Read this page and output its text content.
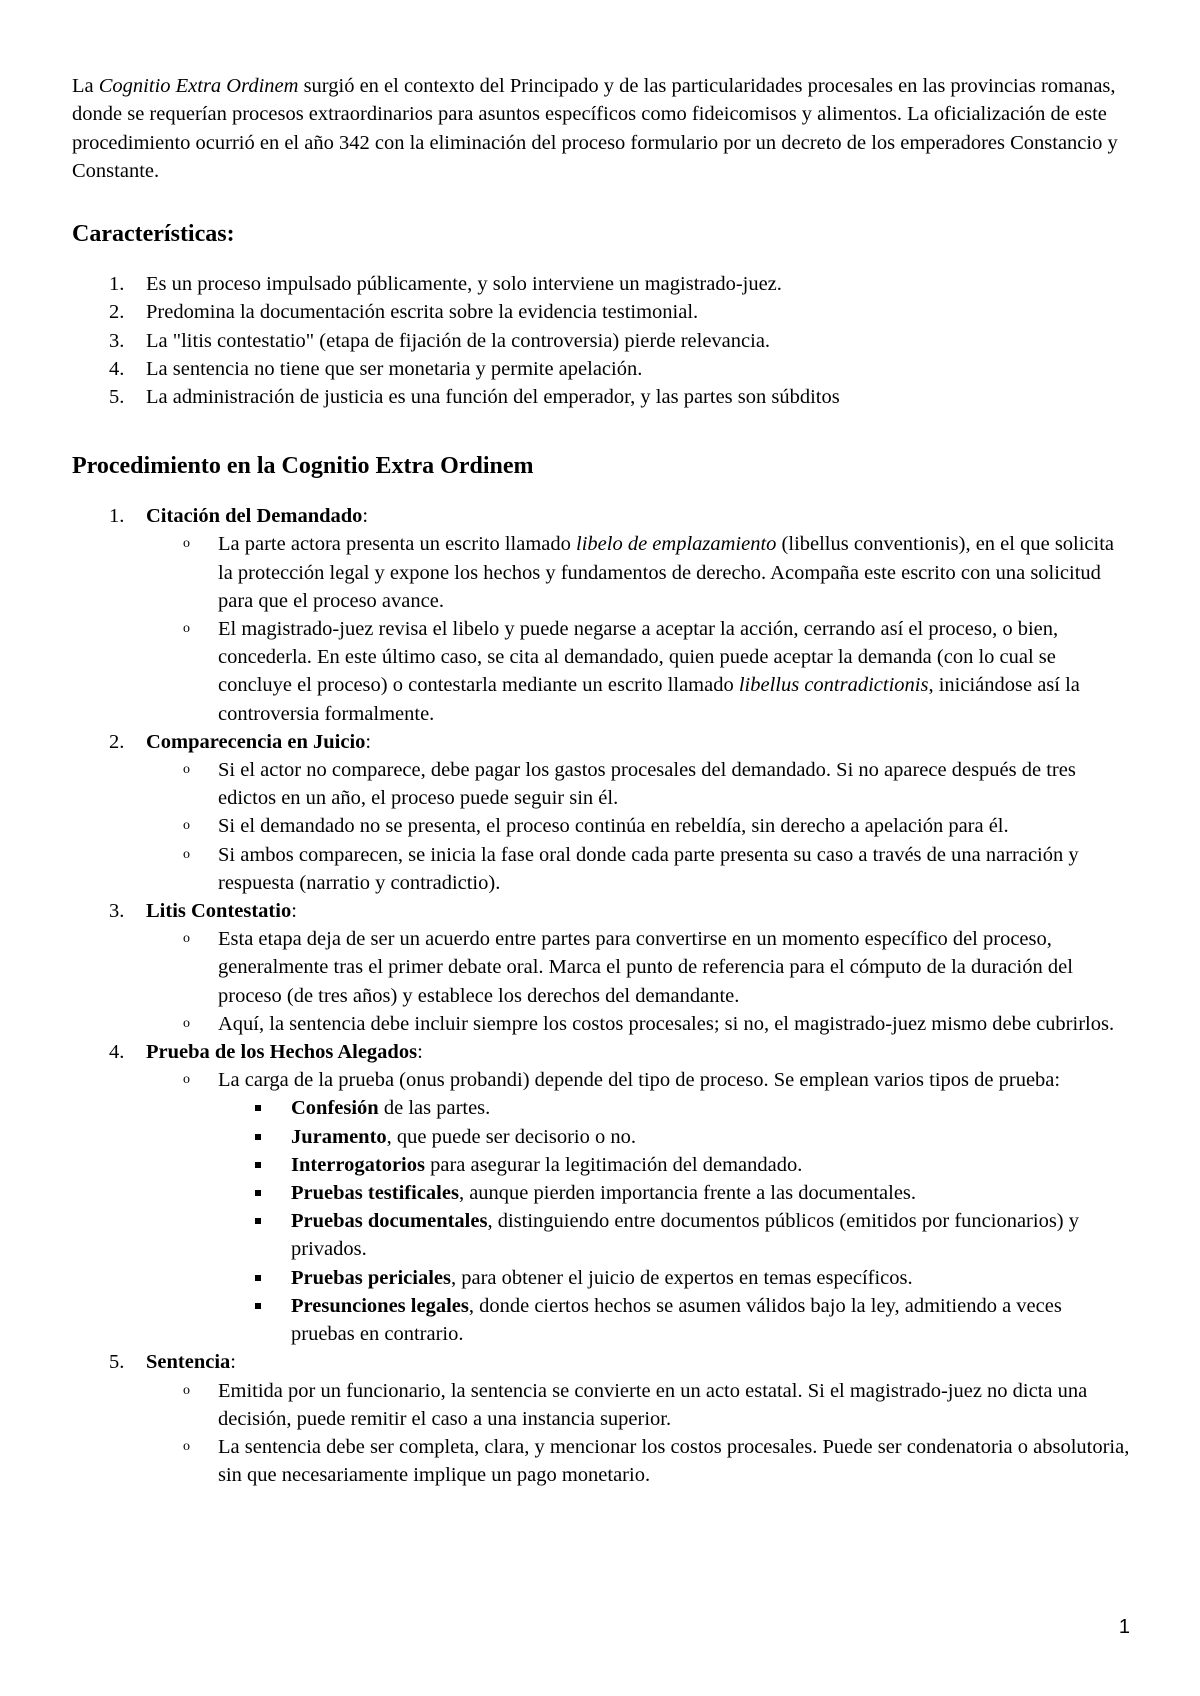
La Cognitio Extra Ordinem surgió en el contexto del Principado y de las particularidades procesales en las provincias romanas, donde se requerían procesos extraordinarios para asuntos específicos como fideicomisos y alimentos. La oficialización de este procedimiento ocurrió en el año 342 con la eliminación del proceso formulario por un decreto de los emperadores Constancio y Constante.

Características:
1. Es un proceso impulsado públicamente, y solo interviene un magistrado-juez.
2. Predomina la documentación escrita sobre la evidencia testimonial.
3. La "litis contestatio" (etapa de fijación de la controversia) pierde relevancia.
4. La sentencia no tiene que ser monetaria y permite apelación.
5. La administración de justicia es una función del emperador, y las partes son súbditos
Procedimiento en la Cognitio Extra Ordinem
1. Citación del Demandado:
o La parte actora presenta un escrito llamado libelo de emplazamiento (libellus conventionis), en el que solicita la protección legal y expone los hechos y fundamentos de derecho. Acompaña este escrito con una solicitud para que el proceso avance.
o El magistrado-juez revisa el libelo y puede negarse a aceptar la acción, cerrando así el proceso, o bien, concederla. En este último caso, se cita al demandado, quien puede aceptar la demanda (con lo cual se concluye el proceso) o contestarla mediante un escrito llamado libellus contradictionis, iniciándose así la controversia formalmente.
2. Comparecencia en Juicio:
o Si el actor no comparece, debe pagar los gastos procesales del demandado. Si no aparece después de tres edictos en un año, el proceso puede seguir sin él.
o Si el demandado no se presenta, el proceso continúa en rebeldía, sin derecho a apelación para él.
o Si ambos comparecen, se inicia la fase oral donde cada parte presenta su caso a través de una narración y respuesta (narratio y contradictio).
3. Litis Contestatio:
o Esta etapa deja de ser un acuerdo entre partes para convertirse en un momento específico del proceso, generalmente tras el primer debate oral. Marca el punto de referencia para el cómputo de la duración del proceso (de tres años) y establece los derechos del demandante.
o Aquí, la sentencia debe incluir siempre los costos procesales; si no, el magistrado-juez mismo debe cubrirlos.
4. Prueba de los Hechos Alegados:
o La carga de la prueba (onus probandi) depende del tipo de proceso. Se emplean varios tipos de prueba:
Confesión de las partes.
Juramento, que puede ser decisorio o no.
Interrogatorios para asegurar la legitimación del demandado.
Pruebas testificales, aunque pierden importancia frente a las documentales.
Pruebas documentales, distinguiendo entre documentos públicos (emitidos por funcionarios) y privados.
Pruebas periciales, para obtener el juicio de expertos en temas específicos.
Presunciones legales, donde ciertos hechos se asumen válidos bajo la ley, admitiendo a veces pruebas en contrario.
5. Sentencia:
o Emitida por un funcionario, la sentencia se convierte en un acto estatal. Si el magistrado-juez no dicta una decisión, puede remitir el caso a una instancia superior.
o La sentencia debe ser completa, clara, y mencionar los costos procesales. Puede ser condenatoria o absolutoria, sin que necesariamente implique un pago monetario.
1
